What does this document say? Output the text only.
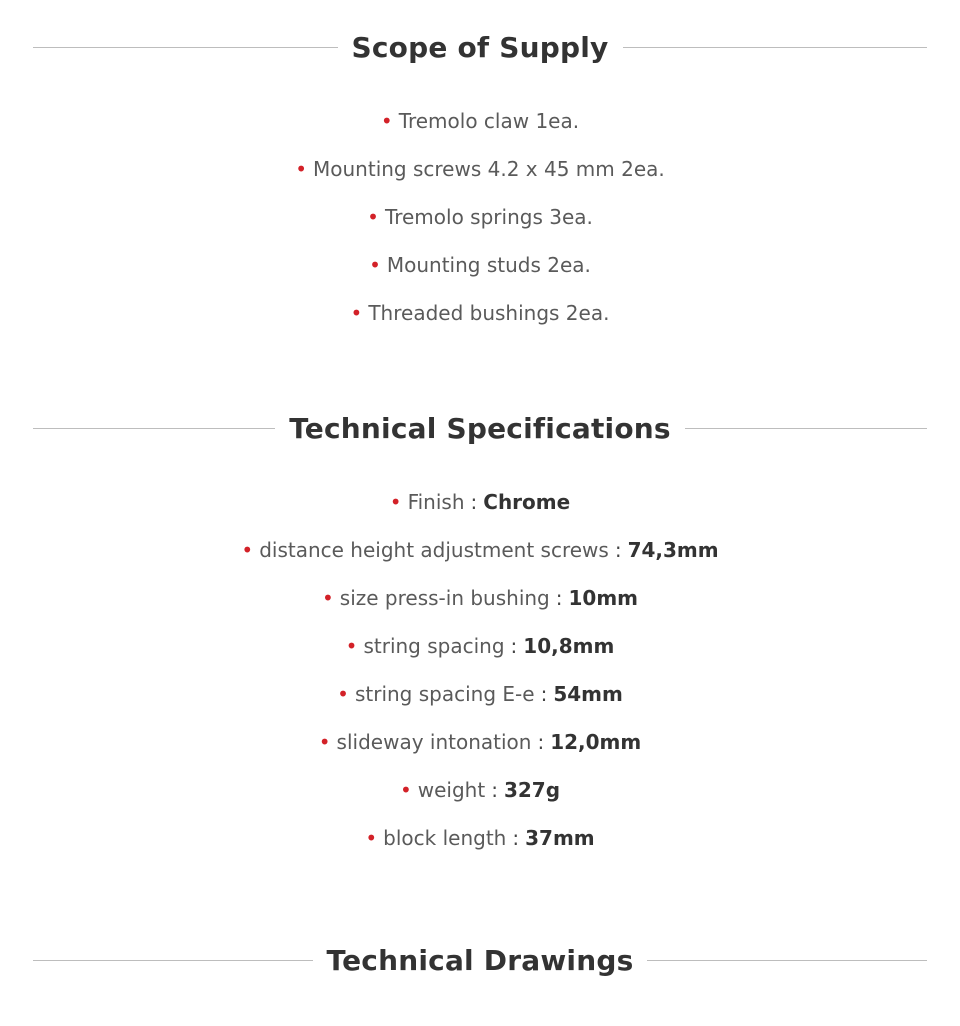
Scope of Supply
• Tremolo claw 1ea.
• Mounting screws 4.2 x 45 mm 2ea.
• Tremolo springs 3ea.
• Mounting studs 2ea.
• Threaded bushings 2ea.
Technical Specifications
• Finish : Chrome
• distance height adjustment screws : 74,3mm
• size press-in bushing : 10mm
• string spacing : 10,8mm
• string spacing E-e : 54mm
• slideway intonation : 12,0mm
• weight : 327g
• block length : 37mm
Technical Drawings
